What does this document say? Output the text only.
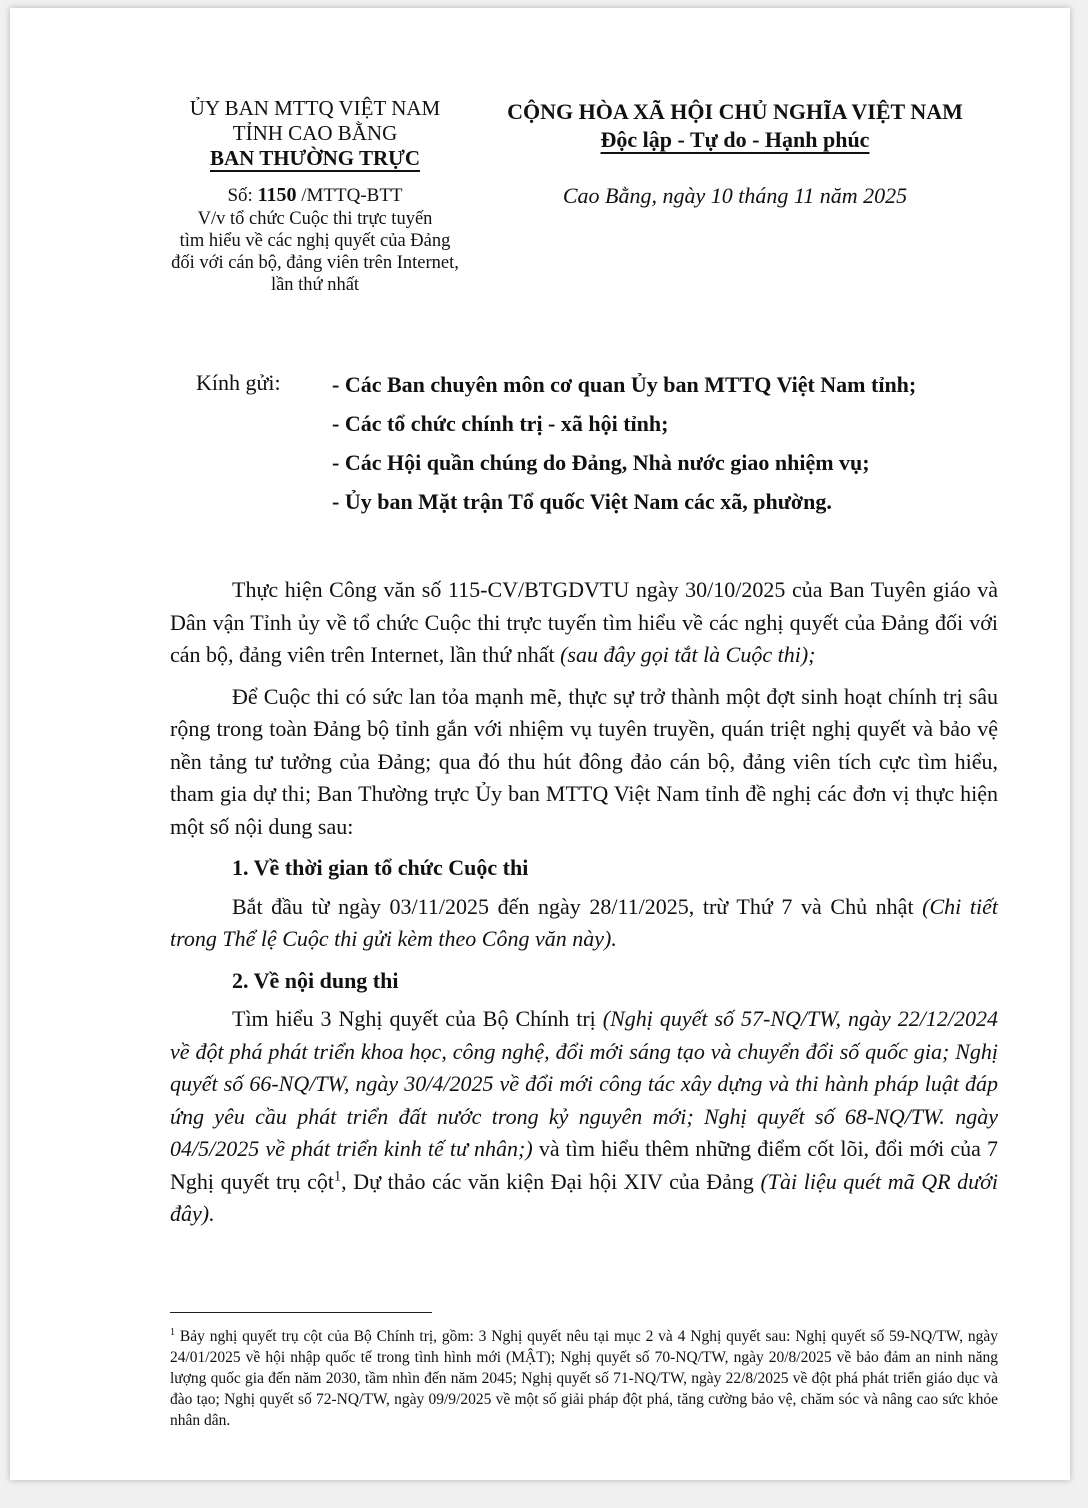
ỦY BAN MTTQ VIỆT NAM
TỈNH CAO BẰNG
BAN THƯỜNG TRỰC
Số: 1150 /MTTQ-BTT
V/v tổ chức Cuộc thi trực tuyến
tìm hiểu về các nghị quyết của Đảng
đối với cán bộ, đảng viên trên Internet,
lần thứ nhất
CỘNG HÒA XÃ HỘI CHỦ NGHĨA VIỆT NAM
Độc lập - Tự do - Hạnh phúc
Cao Bằng, ngày 10 tháng 11 năm 2025
Kính gửi: - Các Ban chuyên môn cơ quan Ủy ban MTTQ Việt Nam tỉnh;
- Các tổ chức chính trị - xã hội tỉnh;
- Các Hội quần chúng do Đảng, Nhà nước giao nhiệm vụ;
- Ủy ban Mặt trận Tổ quốc Việt Nam các xã, phường.

Thực hiện Công văn số 115-CV/BTGDVTU ngày 30/10/2025 của Ban Tuyên giáo và Dân vận Tỉnh ủy về tổ chức Cuộc thi trực tuyến tìm hiểu về các nghị quyết của Đảng đối với cán bộ, đảng viên trên Internet, lần thứ nhất (sau đây gọi tắt là Cuộc thi);

Để Cuộc thi có sức lan tỏa mạnh mẽ, thực sự trở thành một đợt sinh hoạt chính trị sâu rộng trong toàn Đảng bộ tỉnh gắn với nhiệm vụ tuyên truyền, quán triệt nghị quyết và bảo vệ nền tảng tư tưởng của Đảng; qua đó thu hút đông đảo cán bộ, đảng viên tích cực tìm hiểu, tham gia dự thi; Ban Thường trực Ủy ban MTTQ Việt Nam tỉnh đề nghị các đơn vị thực hiện một số nội dung sau:

1. Về thời gian tổ chức Cuộc thi

Bắt đầu từ ngày 03/11/2025 đến ngày 28/11/2025, trừ Thứ 7 và Chủ nhật (Chi tiết trong Thể lệ Cuộc thi gửi kèm theo Công văn này).

2. Về nội dung thi

Tìm hiểu 3 Nghị quyết của Bộ Chính trị (Nghị quyết số 57-NQ/TW, ngày 22/12/2024 về đột phá phát triển khoa học, công nghệ, đổi mới sáng tạo và chuyển đổi số quốc gia; Nghị quyết số 66-NQ/TW, ngày 30/4/2025 về đổi mới công tác xây dựng và thi hành pháp luật đáp ứng yêu cầu phát triển đất nước trong kỷ nguyên mới; Nghị quyết số 68-NQ/TW. ngày 04/5/2025 về phát triển kinh tế tư nhân;) và tìm hiểu thêm những điểm cốt lõi, đổi mới của 7 Nghị quyết trụ cột$^1$, Dự thảo các văn kiện Đại hội XIV của Đảng (Tài liệu quét mã QR dưới đây).

$^1$ Bảy nghị quyết trụ cột của Bộ Chính trị, gồm: 3 Nghị quyết nêu tại mục 2 và 4 Nghị quyết sau: Nghị quyết số 59-NQ/TW, ngày 24/01/2025 về hội nhập quốc tế trong tình hình mới (MẬT); Nghị quyết số 70-NQ/TW, ngày 20/8/2025 về bảo đảm an ninh năng lượng quốc gia đến năm 2030, tầm nhìn đến năm 2045; Nghị quyết số 71-NQ/TW, ngày 22/8/2025 về đột phá phát triển giáo dục và đào tạo; Nghị quyết số 72-NQ/TW, ngày 09/9/2025 về một số giải pháp đột phá, tăng cường bảo vệ, chăm sóc và nâng cao sức khỏe nhân dân.
